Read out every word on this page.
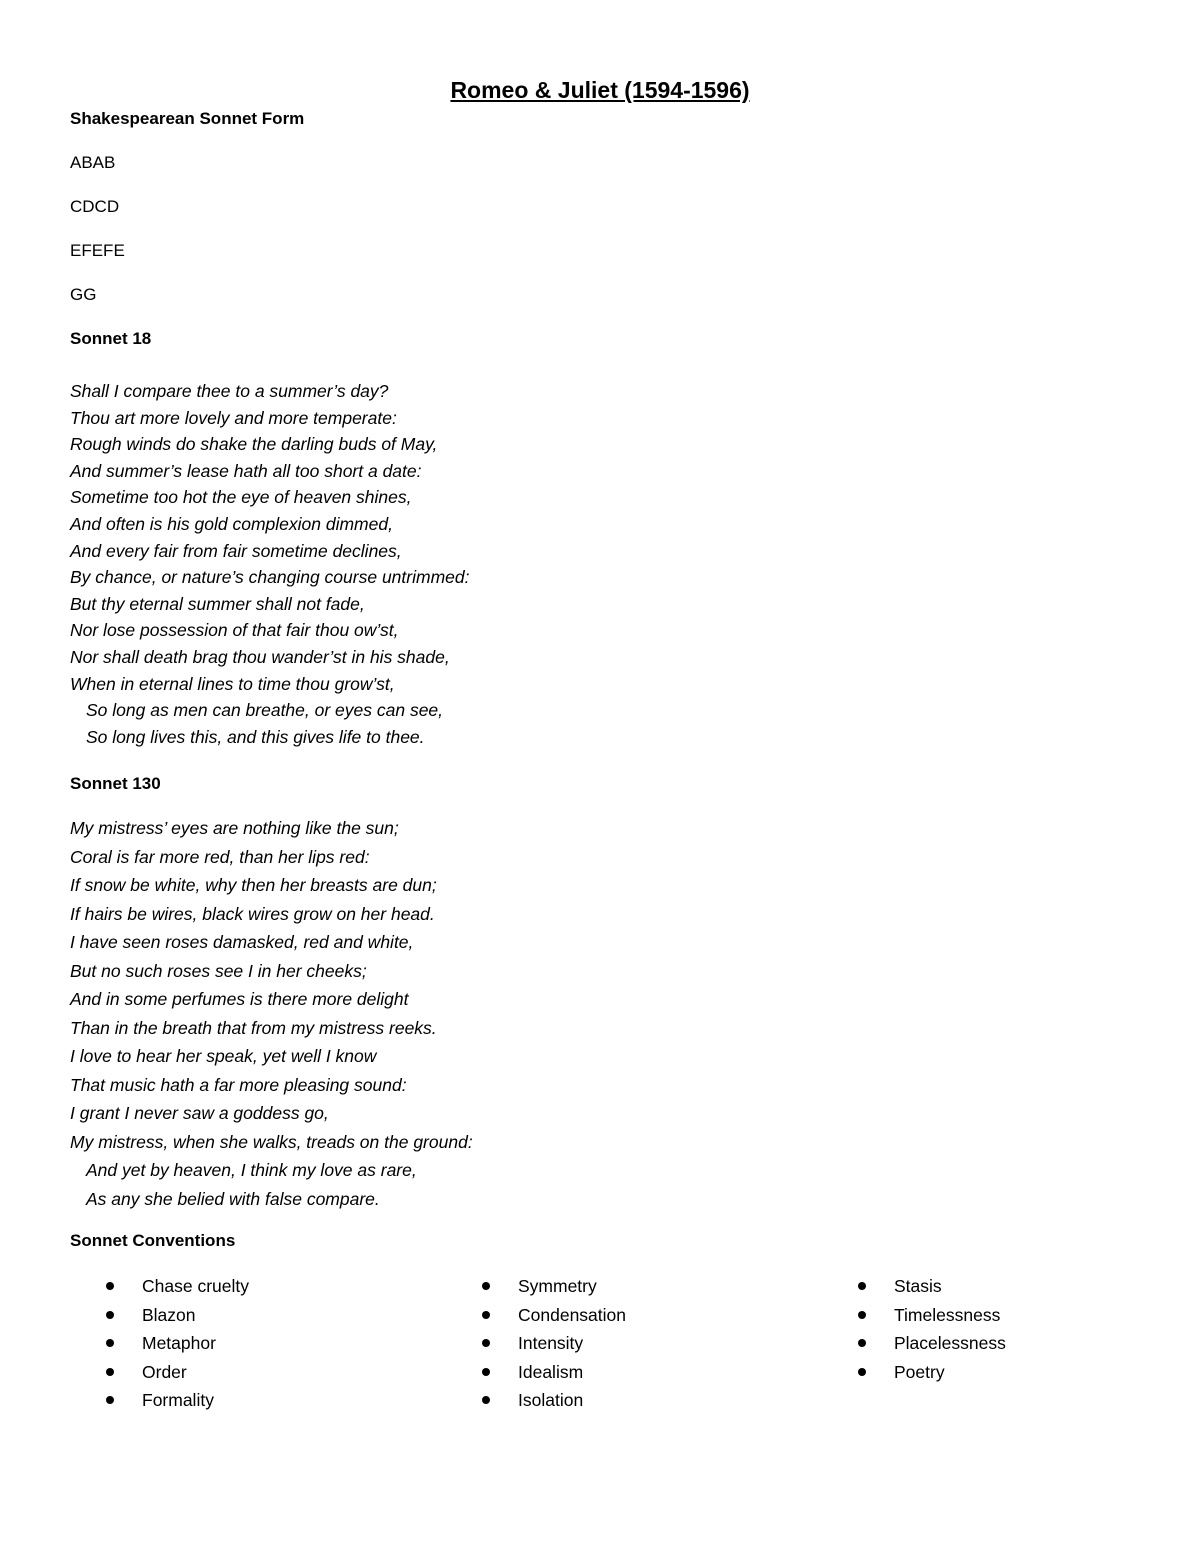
Romeo & Juliet (1594-1596)
Shakespearean Sonnet Form
ABAB
CDCD
EFEFE
GG
Sonnet 18
Shall I compare thee to a summer’s day?
Thou art more lovely and more temperate:
Rough winds do shake the darling buds of May,
And summer’s lease hath all too short a date:
Sometime too hot the eye of heaven shines,
And often is his gold complexion dimmed,
And every fair from fair sometime declines,
By chance, or nature’s changing course untrimmed:
But thy eternal summer shall not fade,
Nor lose possession of that fair thou ow’st,
Nor shall death brag thou wander’st in his shade,
When in eternal lines to time thou grow’st,
So long as men can breathe, or eyes can see,
So long lives this, and this gives life to thee.
Sonnet 130
My mistress’ eyes are nothing like the sun;
Coral is far more red, than her lips red:
If snow be white, why then her breasts are dun;
If hairs be wires, black wires grow on her head.
I have seen roses damasked, red and white,
But no such roses see I in her cheeks;
And in some perfumes is there more delight
Than in the breath that from my mistress reeks.
I love to hear her speak, yet well I know
That music hath a far more pleasing sound:
I grant I never saw a goddess go,
My mistress, when she walks, treads on the ground:
And yet by heaven, I think my love as rare,
As any she belied with false compare.
Sonnet Conventions
Chase cruelty
Blazon
Metaphor
Order
Formality
Symmetry
Condensation
Intensity
Idealism
Isolation
Stasis
Timelessness
Placelessness
Poetry
